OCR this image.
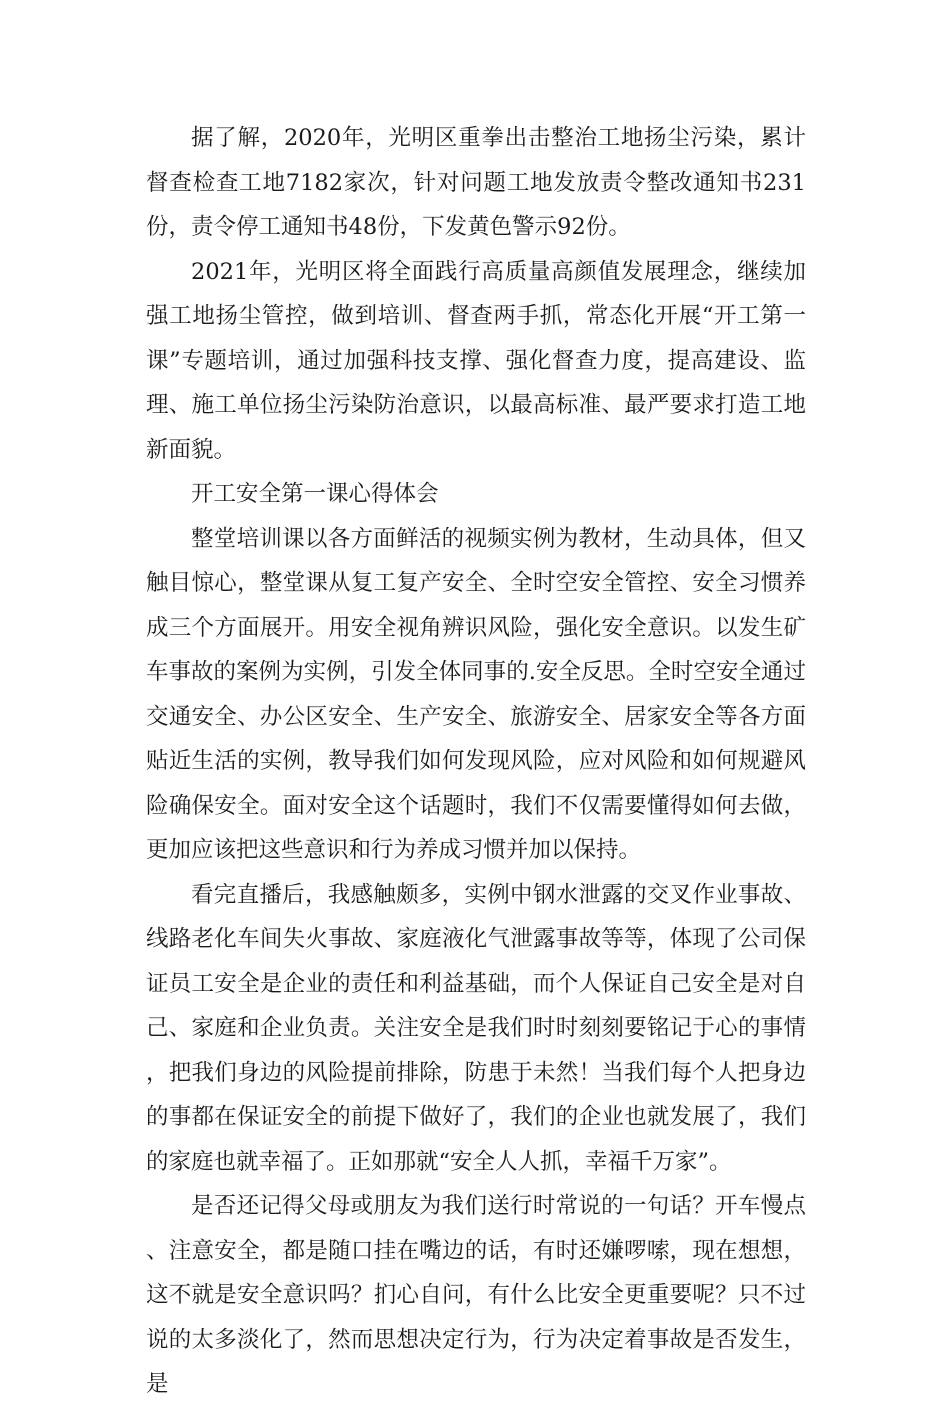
据了解，2020年，光明区重拳出击整治工地扬尘污染，累计督查检查工地7182家次，针对问题工地发放责令整改通知书231份，责令停工通知书48份，下发黄色警示92份。

2021年，光明区将全面践行高质量高颜值发展理念，继续加强工地扬尘管控，做到培训、督查两手抓，常态化开展“开工第一课”专题培训，通过加强科技支撑、强化督查力度，提高建设、监理、施工单位扬尘污染防治意识，以最高标准、最严要求打造工地新面貌。

开工安全第一课心得体会

整堂培训课以各方面鲜活的视频实例为教材，生动具体，但又触目惊心，整堂课从复工复产安全、全时空安全管控、安全习惯养成三个方面展开。用安全视角辨识风险，强化安全意识。以发生矿车事故的案例为实例，引发全体同事的.安全反思。全时空安全通过交通安全、办公区安全、生产安全、旅游安全、居家安全等各方面贴近生活的实例，教导我们如何发现风险，应对风险和如何规避风险确保安全。面对安全这个话题时，我们不仅需要懂得如何去做，更加应该把这些意识和行为养成习惯并加以保持。

看完直播后，我感触颇多，实例中钢水泄露的交叉作业事故、线路老化车间失火事故、家庭液化气泄露事故等等，体现了公司保证员工安全是企业的责任和利益基础，而个人保证自己安全是对自己、家庭和企业负责。关注安全是我们时时刻刻要铭记于心的事情，把我们身边的风险提前排除，防患于未然！当我们每个人把身边的事都在保证安全的前提下做好了，我们的企业也就发展了，我们的家庭也就幸福了。正如那就“安全人人抓，幸福千万家”。

是否还记得父母或朋友为我们送行时常说的一句话？开车慢点、注意安全，都是随口挂在嘴边的话，有时还嫌啰嗦，现在想想，这不就是安全意识吗？扪心自问，有什么比安全更重要呢？只不过说的太多淡化了，然而思想决定行为，行为决定着事故是否发生，是
